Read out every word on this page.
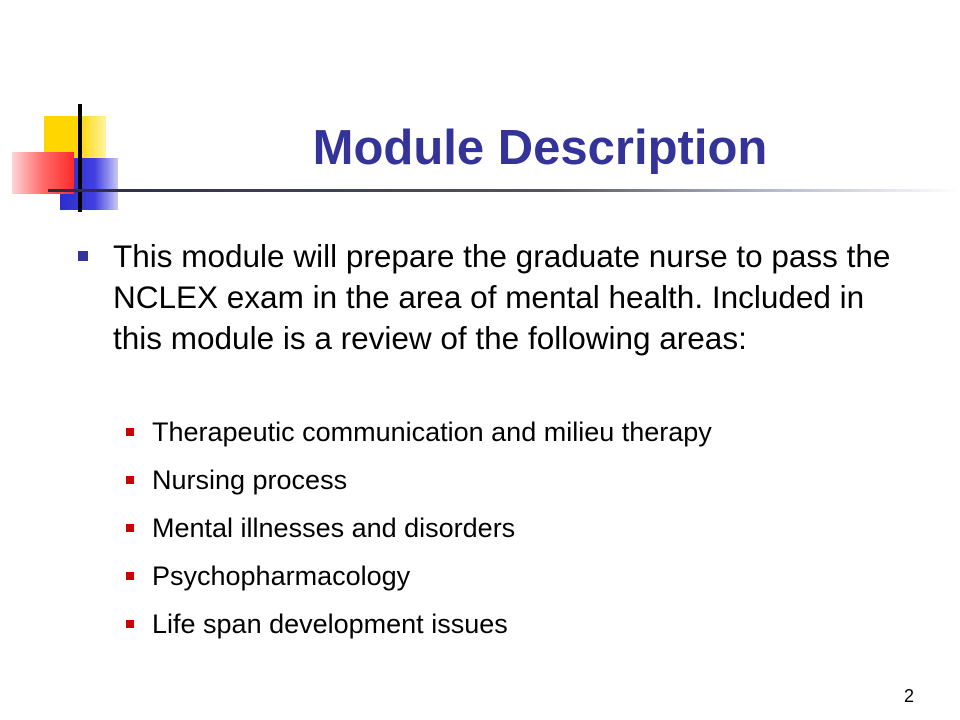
Module Description
This module will prepare the graduate nurse to pass the NCLEX exam in the area of mental health. Included in this module is a review of the following areas:
Therapeutic communication and milieu therapy
Nursing process
Mental illnesses and disorders
Psychopharmacology
Life span development issues
2
